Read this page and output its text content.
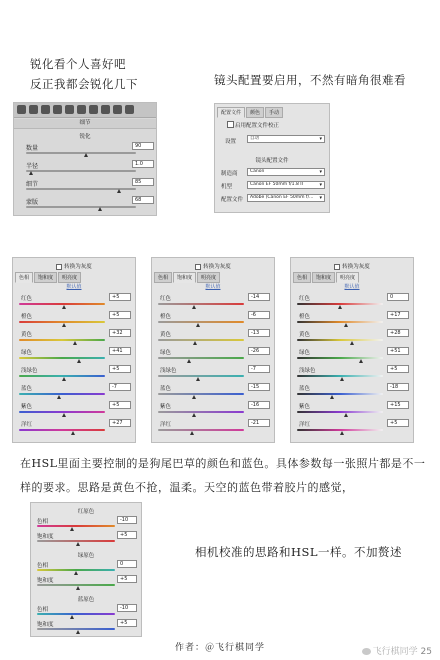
锐化看个人喜好吧
反正我都会锐化几下	镜头配置要启用，不然有暗角很难看
细节
锐化
数量	90
半径	1.0
细节	85
蒙版	68
配置文件 颜色 手动
启用配置文件校正
设置
自动 ▾
镜头配置文件
制造商	Canon ▾
机型	Canon EF 50mm f/1.8 II ▾
配置文件	Adobe (Canon EF 50mm f/... ▾
转换为灰度
色相 饱和度 明亮度
默认值
红色	+5
橙色	+5
黄色	+32
绿色	+41
浅绿色	+5
蓝色	-7
紫色	+5
洋红	+27
转换为灰度
色相 饱和度 明亮度
默认值
红色	-14
橙色	-6
黄色	-13
绿色	-26
浅绿色	-7
蓝色	-15
紫色	-16
洋红	-21
转换为灰度
色相 饱和度 明亮度
默认值
红色	0
橙色	+17
黄色	+28
绿色	+51
浅绿色	+5
蓝色	-18
紫色	+15
洋红	+5
在HSL里面主要控制的是狗尾巴草的颜色和蓝色。具体参数每一张照片都是不一样的要求。思路是黄色不抢，温柔。天空的蓝色带着胶片的感觉，
红原色
色相	-10
饱和度	+5
绿原色
色相	0
饱和度	+5
蓝原色
色相	-10
饱和度	+5
相机校准的思路和HSL一样。不加赘述
作者：＠飞行棋同学	飞行棋同学 25
